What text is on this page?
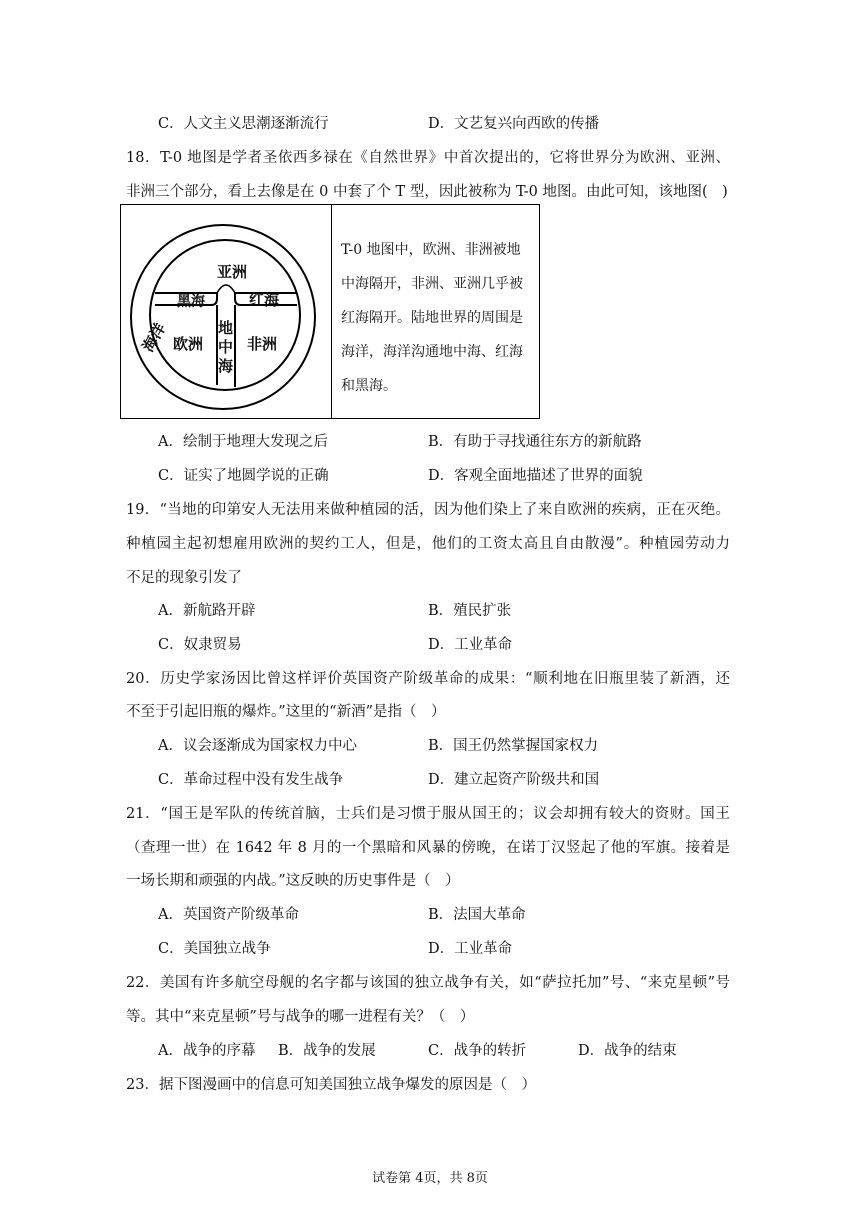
C．人文主义思潮逐渐流行	D．文艺复兴向西欧的传播
18．T-0 地图是学者圣依西多禄在《自然世界》中首次提出的，它将世界分为欧洲、亚洲、
非洲三个部分，看上去像是在 0 中套了个 T 型，因此被称为 T-0 地图。由此可知，该地图(　)
亚洲
黑海	红海
欧洲	非洲
地中海
海洋
T-0 地图中，欧洲、非洲被地
中海隔开，非洲、亚洲几乎被
红海隔开。陆地世界的周围是
海洋，海洋沟通地中海、红海
和黑海。
A．绘制于地理大发现之后	B．有助于寻找通往东方的新航路
C．证实了地圆学说的正确	D．客观全面地描述了世界的面貌
19．“当地的印第安人无法用来做种植园的活，因为他们染上了来自欧洲的疾病，正在灭绝。
种植园主起初想雇用欧洲的契约工人，但是，他们的工资太高且自由散漫”。种植园劳动力
不足的现象引发了
A．新航路开辟	B．殖民扩张
C．奴隶贸易	D．工业革命
20．历史学家汤因比曾这样评价英国资产阶级革命的成果：“顺利地在旧瓶里装了新酒，还
不至于引起旧瓶的爆炸。”这里的“新酒”是指（　）
A．议会逐渐成为国家权力中心	B．国王仍然掌握国家权力
C．革命过程中没有发生战争	D．建立起资产阶级共和国
21．“国王是军队的传统首脑，士兵们是习惯于服从国王的；议会却拥有较大的资财。国王
（查理一世）在 1642 年 8 月的一个黑暗和风暴的傍晚，在诺丁汉竖起了他的军旗。接着是
一场长期和顽强的内战。”这反映的历史事件是（　）
A．英国资产阶级革命	B．法国大革命
C．美国独立战争	D．工业革命
22．美国有许多航空母舰的名字都与该国的独立战争有关，如“萨拉托加”号、“来克星顿”号
等。其中“来克星顿”号与战争的哪一进程有关？（　）
A．战争的序幕 B．战争的发展	C．战争的转折	D．战争的结束
23．据下图漫画中的信息可知美国独立战争爆发的原因是（　）
试卷第 4页，共 8页
